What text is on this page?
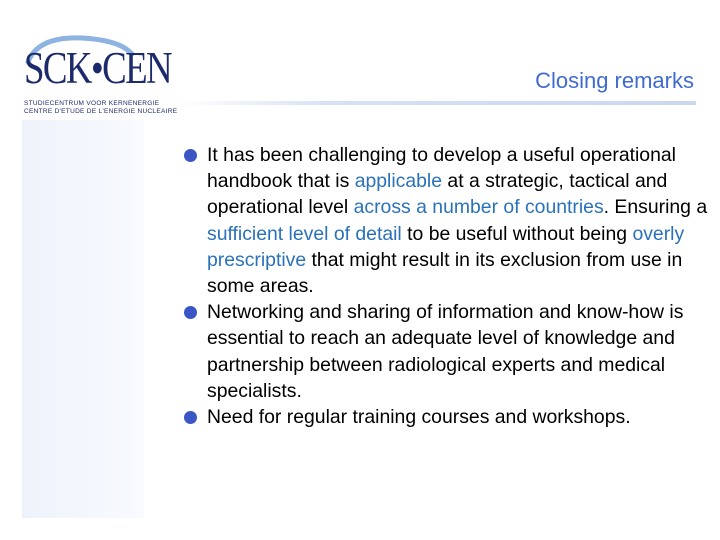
SCK•CEN
STUDIECENTRUM VOOR KERNENERGIE
CENTRE D'ETUDE DE L'ENERGIE NUCLEAIRE
Closing remarks
It has been challenging to develop a useful operational handbook that is applicable at a strategic, tactical and operational level across a number of countries. Ensuring a sufficient level of detail to be useful without being overly prescriptive that might result in its exclusion from use in some areas.
Networking and sharing of information and know-how is essential to reach an adequate level of knowledge and partnership between radiological experts and medical specialists.
Need for regular training courses and workshops.
